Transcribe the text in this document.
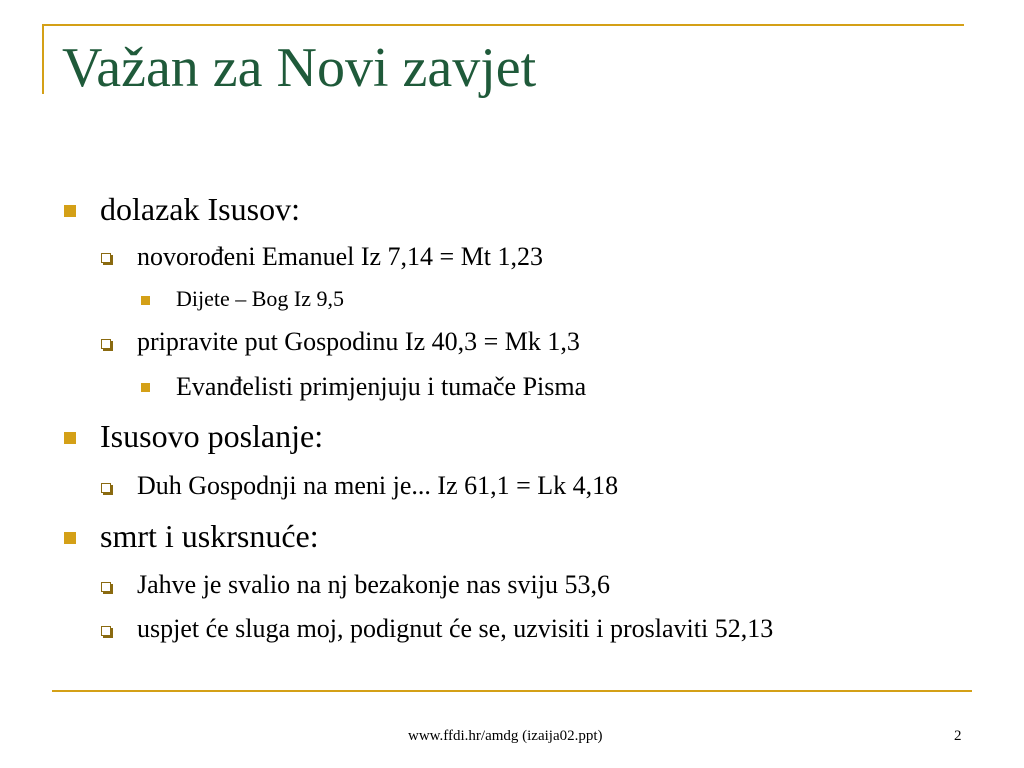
Važan za Novi zavjet
dolazak Isusov:
novorođeni Emanuel Iz 7,14 = Mt 1,23
Dijete – Bog Iz 9,5
pripravite put Gospodinu Iz 40,3 = Mk 1,3
Evanđelisti primjenjuju i tumače Pisma
Isusovo poslanje:
Duh Gospodnji na meni je... Iz 61,1 = Lk 4,18
smrt i uskrsnuće:
Jahve je svalio na nj bezakonje nas sviju 53,6
uspjet će sluga moj, podignut će se, uzvisiti i proslaviti 52,13
www.ffdi.hr/amdg (izaija02.ppt)	2
